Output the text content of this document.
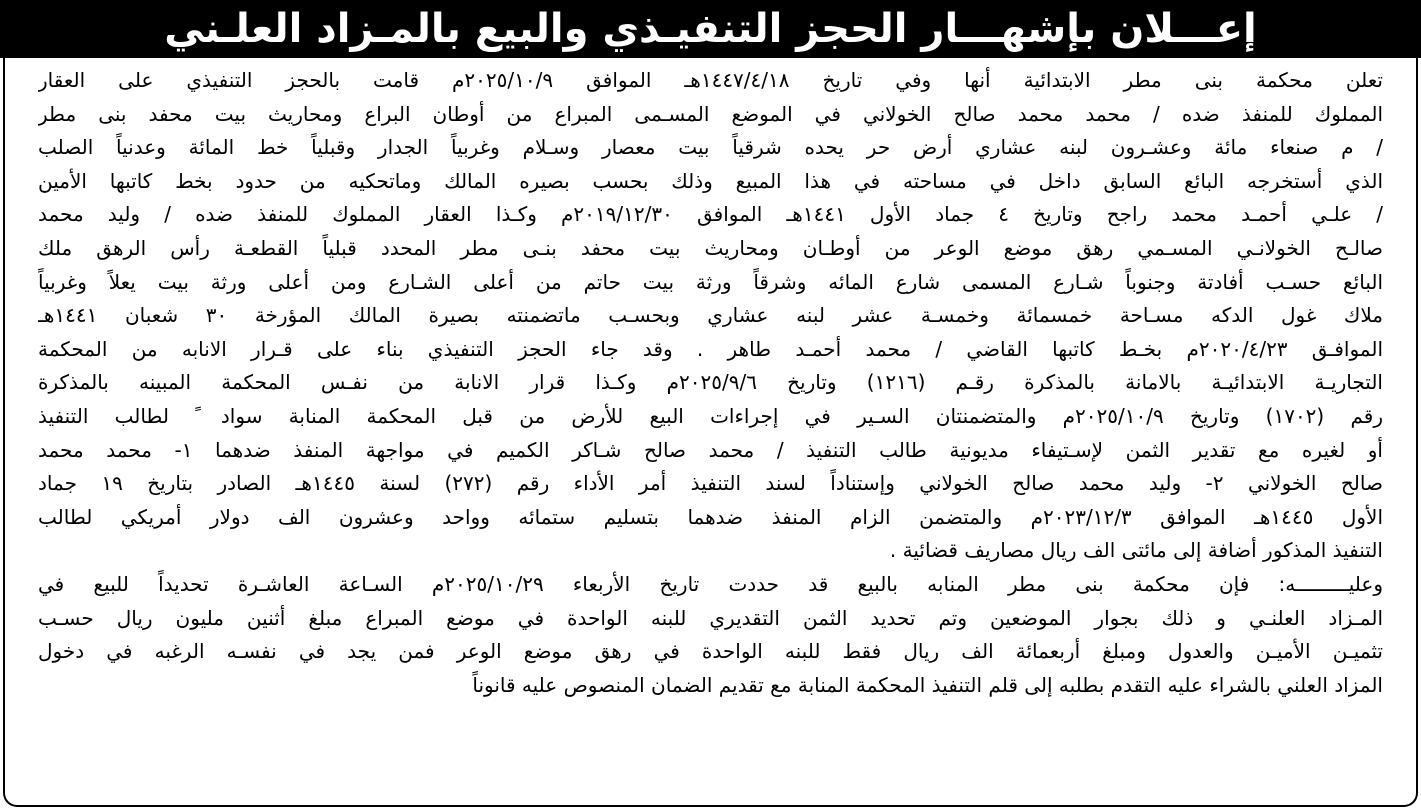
إعـــلان بإشهـــار الحجز التنفيـذي والبيع بالمـزاد العلـني
تعلن محكمة بنى مطر الابتدائية أنها وفي تاريخ ١٤٤٧/٤/١٨هـ الموافق ٢٠٢٥/١٠/٩م قامت بالحجز التنفيذي على العقار
المملوك للمنفذ ضده / محمد محمد صالح الخولاني في الموضع المسـمى المبراع من أوطان البراع ومحاريث بيت محفد بنى مطر
/ م صنعاء مائة وعشـرون لبنه عشاري أرض حر يحده شرقياً بيت معصار وسـلام وغربياً الجدار وقبلياً خط المائة وعدنياً الصلب
الذي أستخرجه البائع السابق داخل في مساحته في هذا المبيع وذلك بحسب بصيره المالك وماتحكيه من حدود بخط كاتبها الأمين
/ علـي أحمـد محمد راجح وتاريخ ٤ جماد الأول ١٤٤١هـ الموافق ٢٠١٩/١٢/٣٠م وكـذا العقار المملوك للمنفذ ضده / وليد محمد
صالـح الخولانـي المسـمي رهق موضع الوعر من أوطـان ومحاريث بيت محفد بنـى مطر المحدد قبلياً القطعـة رأس الرهق ملك
البائع حسـب أفادتة وجنوباً شـارع المسمى شارع المائه وشرقاً ورثة بيت حاتم من أعلى الشـارع ومن أعلى ورثة بيت يعلاً وغربياً
ملاك غول الدكه مسـاحة خمسمائة وخمسـة عشر لبنه عشاري وبحسـب ماتضمنته بصيرة المالك المؤرخة ٣٠ شعبان ١٤٤١هـ
الموافـق ٢٠٢٠/٤/٢٣م بخـط كاتبها القاضي / محمد أحمـد طاهر . وقد جاء الحجز التنفيذي بناء على قـرار الانابه من المحكمة
التجاريـة الابتدائيـة بالامانة بالمذكرة رقـم (١٢١٦) وتاريخ ٢٠٢٥/٩/٦م وكـذا قرار الانابة من نفـس المحكمة المبينه بالمذكرة
رقم (١٧٠٢) وتاريخ ٢٠٢٥/١٠/٩م والمتضمنتان السـير في إجراءات البيع للأرض من قبل المحكمة المنابة سواد ً لطالب التنفيذ
أو لغيره مع تقدير الثمن لإسـتيفاء مديونية طالب التنفيذ / محمد صالح شـاكر الكميم في مواجهة المنفذ ضدهما ١- محمد محمد
صالح الخولاني ٢- وليد محمد صالح الخولاني وإستناداً لسند التنفيذ أمر الأداء رقم (٢٧٢) لسنة ١٤٤٥هـ الصادر بتاريخ ١٩ جماد
الأول ١٤٤٥هـ الموافق ٢٠٢٣/١٢/٣م والمتضمن الزام المنفذ ضدهما بتسليم ستمائه وواحد وعشرون الف دولار أمريكي لطالب
التنفيذ المذكور أضافة إلى مائتى الف ريال مصاريف قضائية .
وعليـــــــــه: فإن محكمة بنى مطر المنابه بالبيع قد حددت تاريخ الأربعاء ٢٠٢٥/١٠/٢٩م السـاعة العاشـرة تحديداً للبيع في
المـزاد العلنـي و ذلك بجوار الموضعين وتم تحديد الثمن التقديري للبنه الواحدة في موضع المبراع مبلغ أثنين مليون ريال حسـب
تثميـن الأميـن والعدول ومبلغ أربعمائة الف ريال فقط للبنه الواحدة في رهق موضع الوعر فمن يجد في نفسـه الرغبه في دخول
المزاد العلني بالشراء عليه التقدم بطلبه إلى قلم التنفيذ المحكمة المنابة مع تقديم الضمان المنصوص عليه قانوناً
